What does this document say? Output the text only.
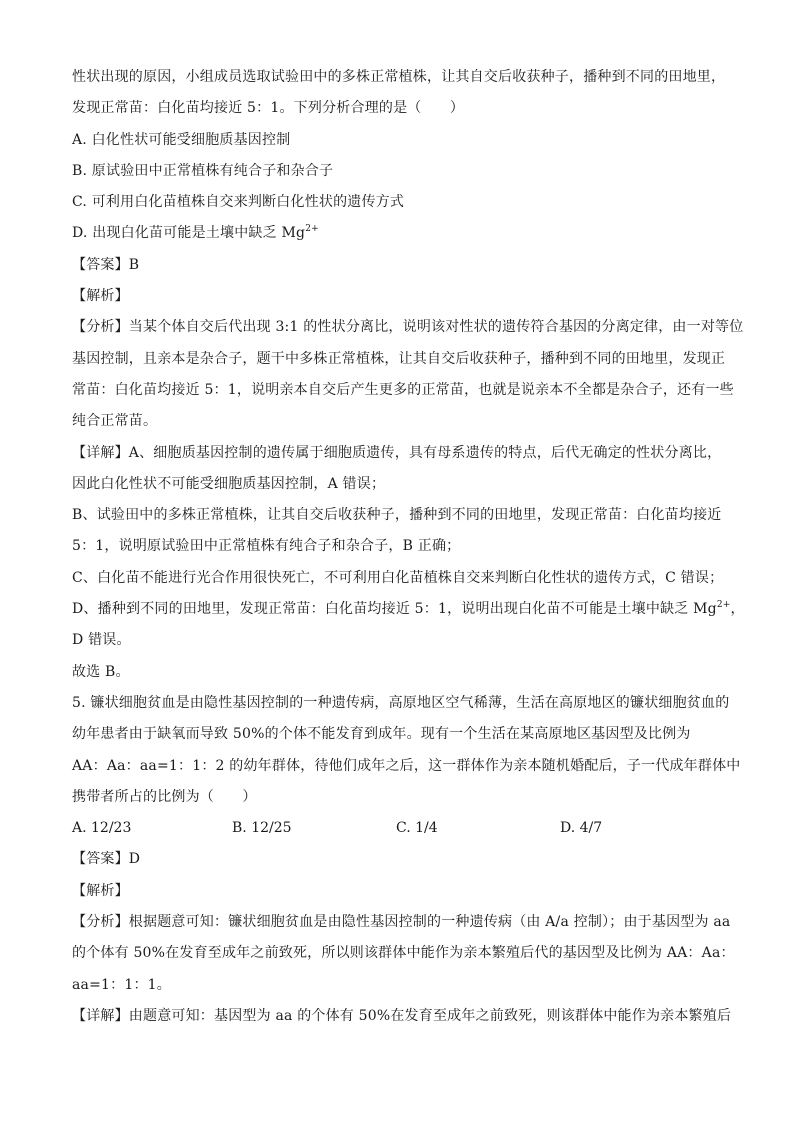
性状出现的原因，小组成员选取试验田中的多株正常植株，让其自交后收获种子，播种到不同的田地里，
发现正常苗：白化苗均接近 5：1。下列分析合理的是（　　）
A. 白化性状可能受细胞质基因控制
B. 原试验田中正常植株有纯合子和杂合子
C. 可利用白化苗植株自交来判断白化性状的遗传方式
D. 出现白化苗可能是土壤中缺乏 $Mg^{2+}$
【答案】B
【解析】
【分析】当某个体自交后代出现 3:1 的性状分离比，说明该对性状的遗传符合基因的分离定律，由一对等位
基因控制，且亲本是杂合子，题干中多株正常植株，让其自交后收获种子，播种到不同的田地里，发现正
常苗：白化苗均接近 5：1，说明亲本自交后产生更多的正常苗，也就是说亲本不全都是杂合子，还有一些
纯合正常苗。
【详解】A、细胞质基因控制的遗传属于细胞质遗传，具有母系遗传的特点，后代无确定的性状分离比，
因此白化性状不可能受细胞质基因控制，A 错误；
B、试验田中的多株正常植株，让其自交后收获种子，播种到不同的田地里，发现正常苗：白化苗均接近
5：1，说明原试验田中正常植株有纯合子和杂合子，B 正确；
C、白化苗不能进行光合作用很快死亡，不可利用白化苗植株自交来判断白化性状的遗传方式，C 错误；
D、播种到不同的田地里，发现正常苗：白化苗均接近 5：1，说明出现白化苗不可能是土壤中缺乏 $Mg^{2+}$，
D 错误。
故选 B。
5. 镰状细胞贫血是由隐性基因控制的一种遗传病，高原地区空气稀薄，生活在高原地区的镰状细胞贫血的
幼年患者由于缺氧而导致 50%的个体不能发育到成年。现有一个生活在某高原地区基因型及比例为
AA：Aa：aa=1：1：2 的幼年群体，待他们成年之后，这一群体作为亲本随机婚配后，子一代成年群体中
携带者所占的比例为（　　）
A. 12/23	B. 12/25	C. 1/4	D. 4/7
【答案】D
【解析】
【分析】根据题意可知：镰状细胞贫血是由隐性基因控制的一种遗传病（由 A/a 控制）；由于基因型为 aa
的个体有 50%在发育至成年之前致死，所以则该群体中能作为亲本繁殖后代的基因型及比例为 AA：Aa：
aa=1：1：1。
【详解】由题意可知：基因型为 aa 的个体有 50%在发育至成年之前致死，则该群体中能作为亲本繁殖后
